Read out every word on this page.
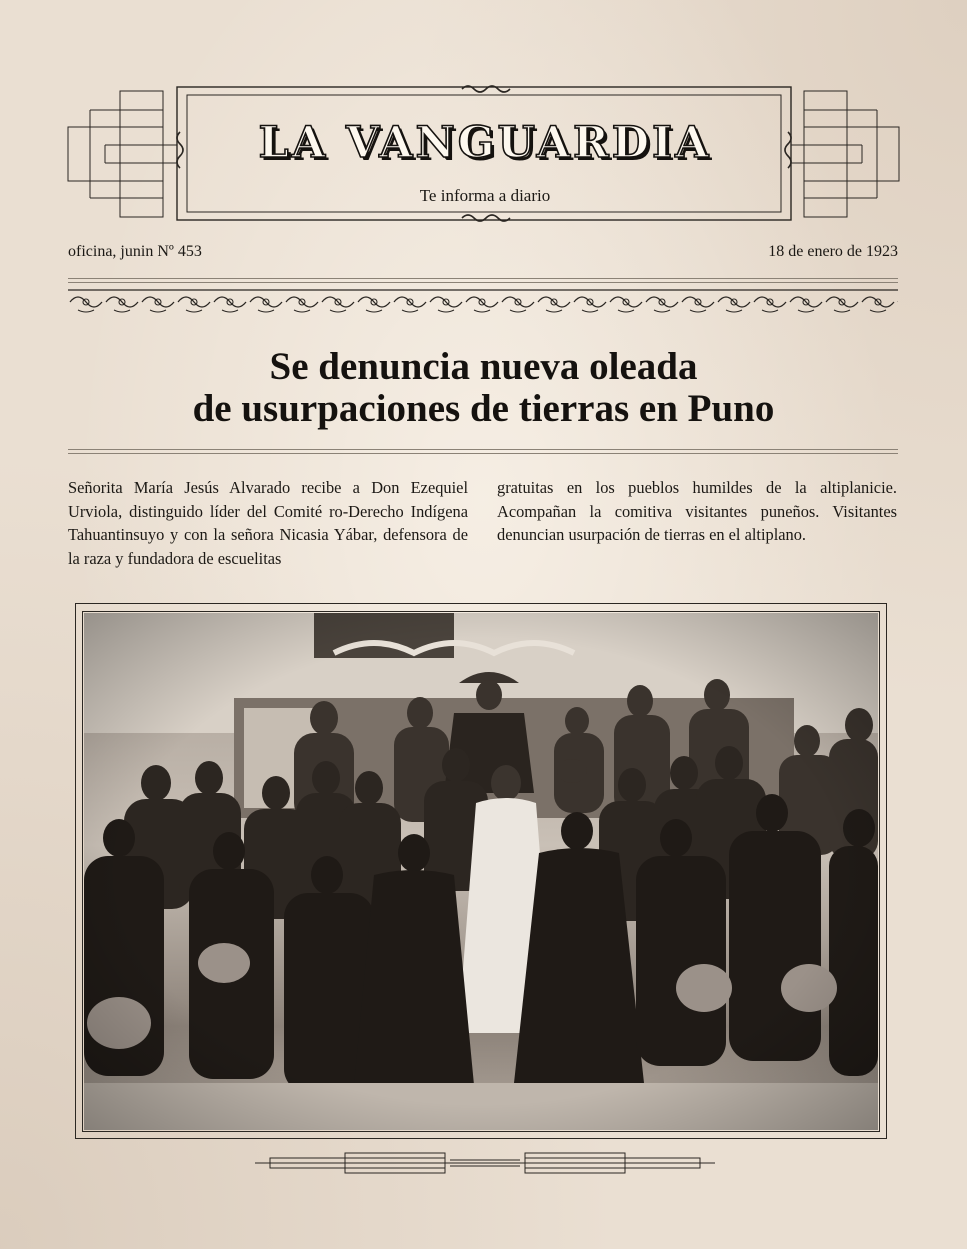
LA VANGUARDIA
Te informa a diario
oficina, junin Nº 453	18 de enero de 1923
Se denuncia nueva oleada
de usurpaciones de tierras en Puno
Señorita María Jesús Alvarado recibe a Don Ezequiel Urviola, distinguido líder del Comité ro-Derecho Indígena Tahuantinsuyo y con la señora Nicasia Yábar, defensora de la raza y fundadora de escuelitas
gratuitas en los pueblos humildes de la altiplanicie. Acompañan la comitiva visitantes puneños. Visitantes denuncian usurpación de tierras en el altiplano.
